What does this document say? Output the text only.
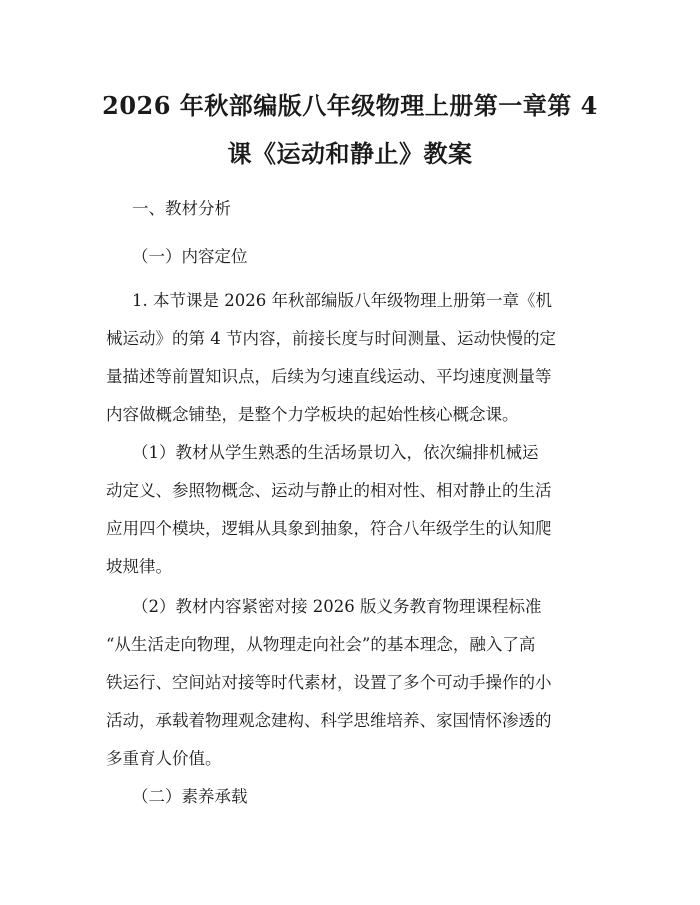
2026 年秋部编版八年级物理上册第一章第 4
课《运动和静止》教案
一、教材分析
（一）内容定位
1. 本节课是 2026 年秋部编版八年级物理上册第一章《机
械运动》的第 4 节内容，前接长度与时间测量、运动快慢的定
量描述等前置知识点，后续为匀速直线运动、平均速度测量等
内容做概念铺垫，是整个力学板块的起始性核心概念课。
（1）教材从学生熟悉的生活场景切入，依次编排机械运
动定义、参照物概念、运动与静止的相对性、相对静止的生活
应用四个模块，逻辑从具象到抽象，符合八年级学生的认知爬
坡规律。
（2）教材内容紧密对接 2026 版义务教育物理课程标准
“从生活走向物理，从物理走向社会”的基本理念，融入了高
铁运行、空间站对接等时代素材，设置了多个可动手操作的小
活动，承载着物理观念建构、科学思维培养、家国情怀渗透的
多重育人价值。
（二）素养承载
